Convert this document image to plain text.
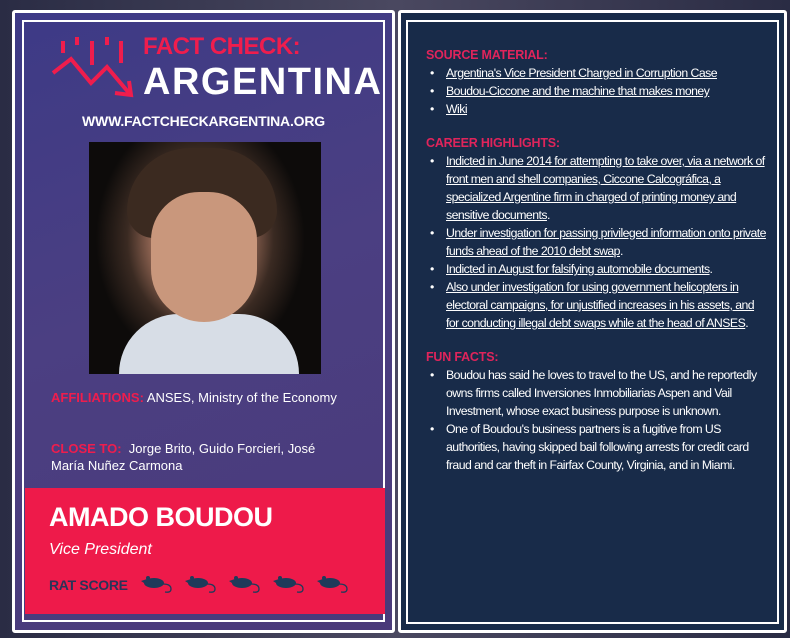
FACT CHECK:
ARGENTINA
WWW.FACTCHECKARGENTINA.ORG
AFFILIATIONS: ANSES, Ministry of the Economy
CLOSE TO: Jorge Brito, Guido Forcieri, José María Nuñez Carmona
AMADO BOUDOU
Vice President
RAT SCORE
SOURCE MATERIAL:
• Argentina's Vice President Charged in Corruption Case
• Boudou-Ciccone and the machine that makes money
• Wiki
CAREER HIGHLIGHTS:
• Indicted in June 2014 for attempting to take over, via a network of front men and shell companies, Ciccone Calcográfica, a specialized Argentine firm in charged of printing money and sensitive documents.
• Under investigation for passing privileged information onto private funds ahead of the 2010 debt swap.
• Indicted in August for falsifying automobile documents.
• Also under investigation for using government helicopters in electoral campaigns, for unjustified increases in his assets, and for conducting illegal debt swaps while at the head of ANSES.
FUN FACTS:
• Boudou has said he loves to travel to the US, and he reportedly owns firms called Inversiones Inmobiliarias Aspen and Vail Investment, whose exact business purpose is unknown.
• One of Boudou's business partners is a fugitive from US authorities, having skipped bail following arrests for credit card fraud and car theft in Fairfax County, Virginia, and in Miami.
